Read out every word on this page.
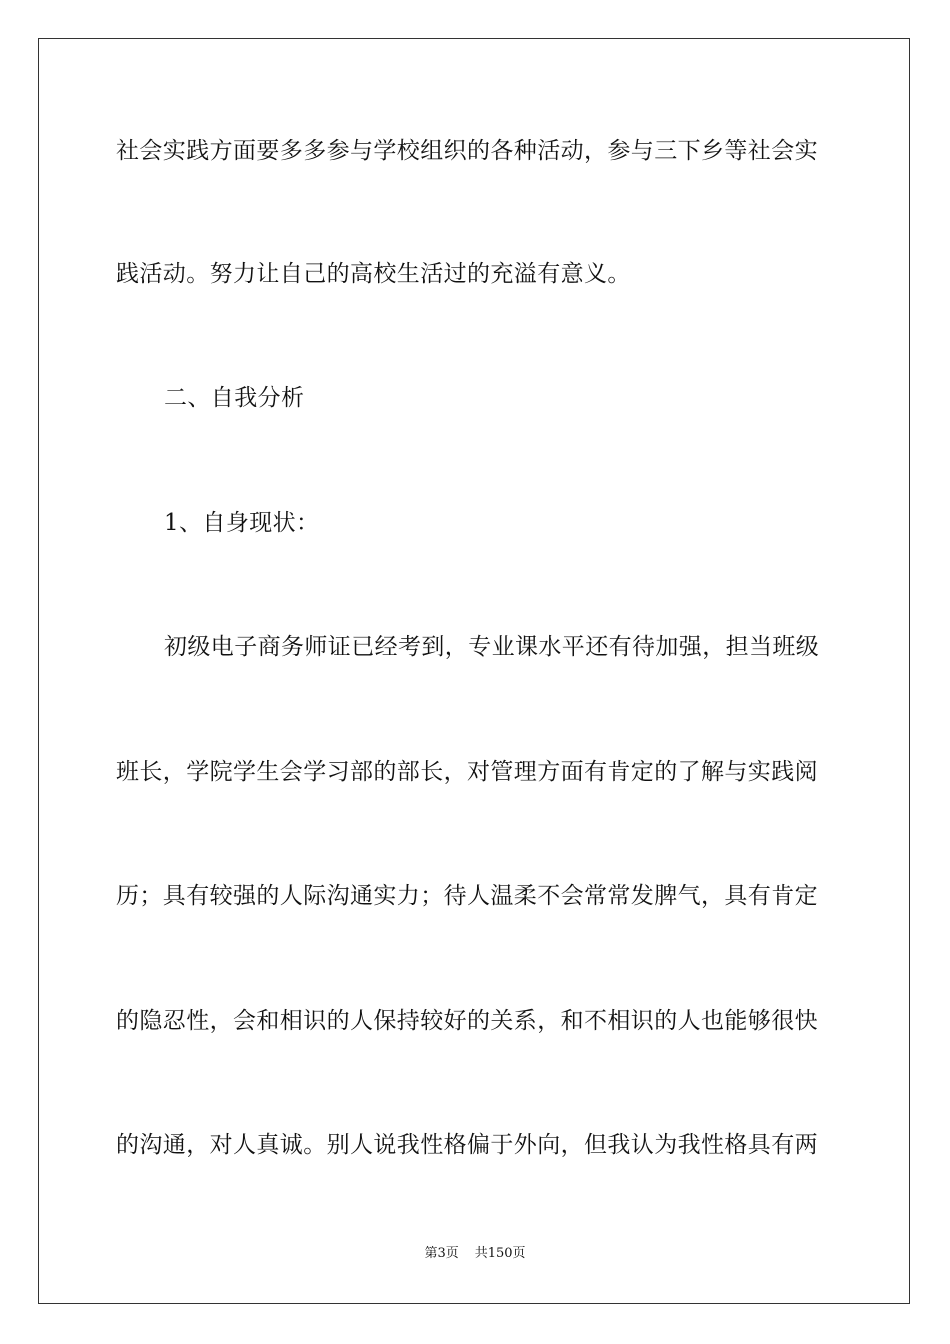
社会实践方面要多多参与学校组织的各种活动，参与三下乡等社会实
践活动。努力让自己的高校生活过的充溢有意义。
二、自我分析
1、自身现状：
初级电子商务师证已经考到，专业课水平还有待加强，担当班级
班长，学院学生会学习部的部长，对管理方面有肯定的了解与实践阅
历；具有较强的人际沟通实力；待人温柔不会常常发脾气，具有肯定
的隐忍性，会和相识的人保持较好的关系，和不相识的人也能够很快
的沟通，对人真诚。别人说我性格偏于外向，但我认为我性格具有两
第3页 共150页
